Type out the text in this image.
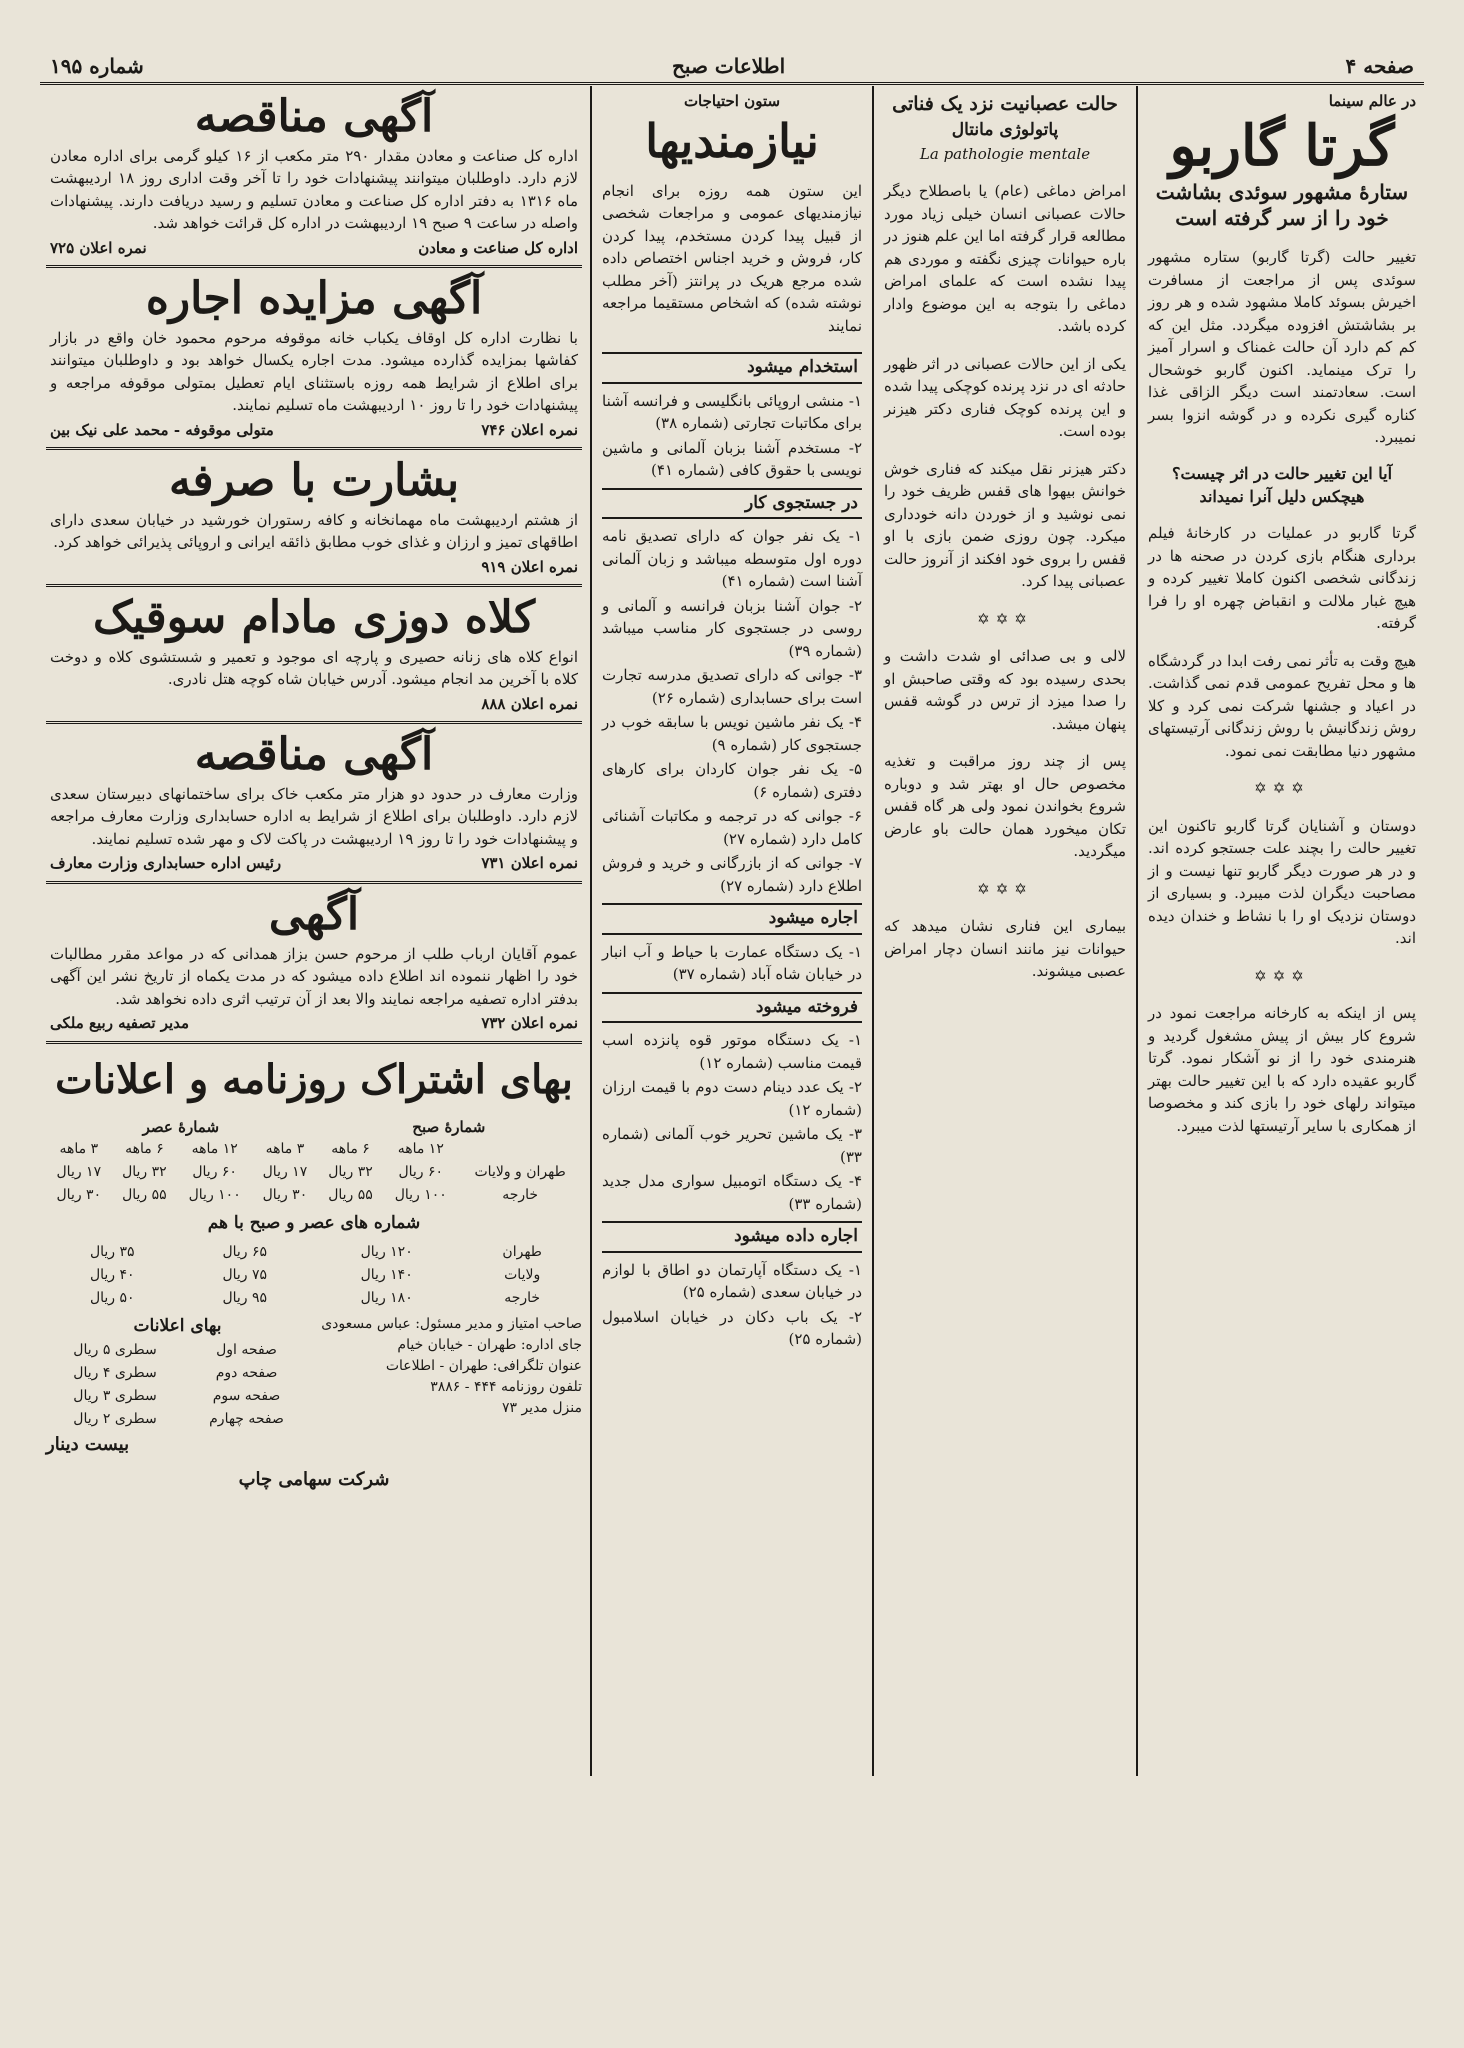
صفحه ۴
اطلاعات صبح
شماره ۱۹۵
در عالم سینما
گرتا گاربو
ستارۀ مشهور سوئدی بشاشت خود را از سر گرفته است

تغییر حالت (گرتا گاربو) ستاره مشهور سوئدی پس از مراجعت از مسافرت اخیرش بسوئد کاملا مشهود شده و هر روز بر بشاشتش افزوده میگردد. مثل این که کم کم دارد آن حالت غمناک و اسرار آمیز را ترک مینماید. اکنون گاربو خوشحال است. سعادتمند است دیگر الزاقی غذا کناره گیری نکرده و در گوشه انزوا بسر نمیبرد.

آیا این تغییر حالت در اثر چیست؟

هیچکس دلیل آنرا نمیداند

گرتا گاربو در عملیات در کارخانۀ فیلم برداری هنگام بازی کردن در صحنه ها در زندگانی شخصی اکنون کاملا تغییر کرده و هیچ غبار ملالت و انقباض چهره او را فرا گرفته.

هیچ وقت به تأثر نمی رفت ابدا در گردشگاه ها و محل تفریح عمومی قدم نمی گذاشت. در اعیاد و جشنها شرکت نمی کرد و کلا روش زندگانیش با روش زندگانی آرتیستهای مشهور دنیا مطابقت نمی نمود.

✡✡✡

دوستان و آشنایان گرتا گاربو تاکنون این تغییر حالت را بچند علت جستجو کرده اند. و در هر صورت دیگر گاربو تنها نیست و از مصاحبت دیگران لذت میبرد. و بسیاری از دوستان نزدیک او را با نشاط و خندان دیده اند.

✡✡✡

پس از اینکه به کارخانه مراجعت نمود در شروع کار بیش از پیش مشغول گردید و هنرمندی خود را از نو آشکار نمود. گرتا گاربو عقیده دارد که با این تغییر حالت بهتر میتواند رلهای خود را بازی کند و مخصوصا از همکاری با سایر آرتیستها لذت میبرد.

حالت عصبانیت نزد یک فناتی
پاتولوژی مانتال
La pathologie mentale

امراض دماغی (عام) یا باصطلاح دیگر حالات عصبانی انسان خیلی زیاد مورد مطالعه قرار گرفته اما این علم هنوز در باره حیوانات چیزی نگفته و موردی هم پیدا نشده است که علمای امراض دماغی را بتوجه به این موضوع وادار کرده باشد.

یکی از این حالات عصبانی در اثر ظهور حادثه ای در نزد پرنده کوچکی پیدا شده و این پرنده کوچک فناری دکتر هیزنر بوده است.

دکتر هیزنر نقل میکند که فناری خوش خوانش بیهوا های قفس ظریف خود را نمی نوشید و از خوردن دانه خودداری میکرد. چون روزی ضمن بازی با او قفس را بروی خود افکند از آنروز حالت عصبانی پیدا کرد.

✡✡✡

لالی و بی صدائی او شدت داشت و بحدی رسیده بود که وقتی صاحبش او را صدا میزد از ترس در گوشه قفس پنهان میشد.

پس از چند روز مراقبت و تغذیه مخصوص حال او بهتر شد و دوباره شروع بخواندن نمود ولی هر گاه قفس تکان میخورد همان حالت باو عارض میگردید.

✡✡✡

بیماری این فناری نشان میدهد که حیوانات نیز مانند انسان دچار امراض عصبی میشوند.

ستون احتیاجات
نیازمندیها

این ستون همه روزه برای انجام نیازمندیهای عمومی و مراجعات شخصی از قبیل پیدا کردن مستخدم، پیدا کردن کار، فروش و خرید اجناس اختصاص داده شده مرجع هریک در پرانتز (آخر مطلب نوشته شده) که اشخاص مستقیما مراجعه نمایند

استخدام میشود
۱- منشی اروپائی بانگلیسی و فرانسه آشنا برای مکاتبات تجارتی (شماره ۳۸)
۲- مستخدم آشنا بزبان آلمانی و ماشین نویسی با حقوق کافی (شماره ۴۱)
در جستجوی کار
۱- یک نفر جوان که دارای تصدیق نامه دوره اول متوسطه میباشد و زبان آلمانی آشنا است (شماره ۴۱)
۲- جوان آشنا بزبان فرانسه و آلمانی و روسی در جستجوی کار مناسب میباشد (شماره ۳۹)
۳- جوانی که دارای تصدیق مدرسه تجارت است برای حسابداری (شماره ۲۶)
۴- یک نفر ماشین نویس با سابقه خوب در جستجوی کار (شماره ۹)
۵- یک نفر جوان کاردان برای کارهای دفتری (شماره ۶)
۶- جوانی که در ترجمه و مکاتبات آشنائی کامل دارد (شماره ۲۷)
۷- جوانی که از بازرگانی و خرید و فروش اطلاع دارد (شماره ۲۷)
اجاره میشود
۱- یک دستگاه عمارت با حیاط و آب انبار در خیابان شاه آباد (شماره ۳۷)
فروخته میشود
۱- یک دستگاه موتور قوه پانزده اسب قیمت مناسب (شماره ۱۲)
۲- یک عدد دینام دست دوم با قیمت ارزان (شماره ۱۲)
۳- یک ماشین تحریر خوب آلمانی (شماره ۳۳)
۴- یک دستگاه اتومبیل سواری مدل جدید (شماره ۳۳)
اجاره داده میشود
۱- یک دستگاه آپارتمان دو اطاق با لوازم در خیابان سعدی (شماره ۲۵)
۲- یک باب دکان در خیابان اسلامبول (شماره ۲۵)
آگهی مناقصه
اداره کل صناعت و معادن مقدار ۲۹۰ متر مکعب از ۱۶ کیلو گرمی برای اداره معادن لازم دارد. داوطلبان میتوانند پیشنهادات خود را تا آخر وقت اداری روز ۱۸ اردیبهشت ماه ۱۳۱۶ به دفتر اداره کل صناعت و معادن تسلیم و رسید دریافت دارند. پیشنهادات واصله در ساعت ۹ صبح ۱۹ اردیبهشت در اداره کل قرائت خواهد شد.
اداره کل صناعت و معادن
نمره اعلان ۷۲۵
آگهی مزایده اجاره
با نظارت اداره کل اوقاف یکباب خانه موقوفه مرحوم محمود خان واقع در بازار کفاشها بمزایده گذارده میشود. مدت اجاره یکسال خواهد بود و داوطلبان میتوانند برای اطلاع از شرایط همه روزه باستثنای ایام تعطیل بمتولی موقوفه مراجعه و پیشنهادات خود را تا روز ۱۰ اردیبهشت ماه تسلیم نمایند.
نمره اعلان ۷۴۶
متولی موقوفه - محمد علی نیک بین
بشارت با صرفه
از هشتم اردیبهشت ماه مهمانخانه و کافه رستوران خورشید در خیابان سعدی دارای اطاقهای تمیز و ارزان و غذای خوب مطابق ذائقه ایرانی و اروپائی پذیرائی خواهد کرد.
نمره اعلان ۹۱۹
کلاه دوزی مادام سوقیک
انواع کلاه های زنانه حصیری و پارچه ای موجود و تعمیر و شستشوی کلاه و دوخت کلاه با آخرین مد انجام میشود. آدرس خیابان شاه کوچه هتل نادری.
نمره اعلان ۸۸۸
آگهی مناقصه
وزارت معارف در حدود دو هزار متر مکعب خاک برای ساختمانهای دبیرستان سعدی لازم دارد. داوطلبان برای اطلاع از شرایط به اداره حسابداری وزارت معارف مراجعه و پیشنهادات خود را تا روز ۱۹ اردیبهشت در پاکت لاک و مهر شده تسلیم نمایند.
نمره اعلان ۷۳۱
رئیس اداره حسابداری وزارت معارف
آگهی
عموم آقایان ارباب طلب از مرحوم حسن بزاز همدانی که در مواعد مقرر مطالبات خود را اظهار ننموده اند اطلاع داده میشود که در مدت یکماه از تاریخ نشر این آگهی بدفتر اداره تصفیه مراجعه نمایند والا بعد از آن ترتیب اثری داده نخواهد شد.
نمره اعلان ۷۳۲
مدیر تصفیه ربیع ملکی
بهای اشتراک روزنامه و اعلانات
شمارۀ صبح
شمارۀ عصر
	۱۲ ماهه	۶ ماهه	۳ ماهه	۱۲ ماهه	۶ ماهه	۳ ماهه
طهران و ولایات	۶۰ ریال	۳۲ ریال	۱۷ ریال	۶۰ ریال	۳۲ ریال	۱۷ ریال
خارجه	۱۰۰ ریال	۵۵ ریال	۳۰ ریال	۱۰۰ ریال	۵۵ ریال	۳۰ ریال
شماره های عصر و صبح با هم
طهران	۱۲۰ ریال	۶۵ ریال	۳۵ ریال
ولایات	۱۴۰ ریال	۷۵ ریال	۴۰ ریال
خارجه	۱۸۰ ریال	۹۵ ریال	۵۰ ریال
صاحب امتیاز و مدیر مسئول: عباس مسعودی
جای اداره: طهران - خیابان خیام
عنوان تلگرافی: طهران - اطلاعات
تلفون روزنامه ۴۴۴ - ۳۸۸۶
منزل مدیر ۷۳
بهای اعلانات
صفحه اول	سطری ۵ ریال
صفحه دوم	سطری ۴ ریال
صفحه سوم	سطری ۳ ریال
صفحه چهارم	سطری ۲ ریال
بیست دینار
شرکت سهامی چاپ
